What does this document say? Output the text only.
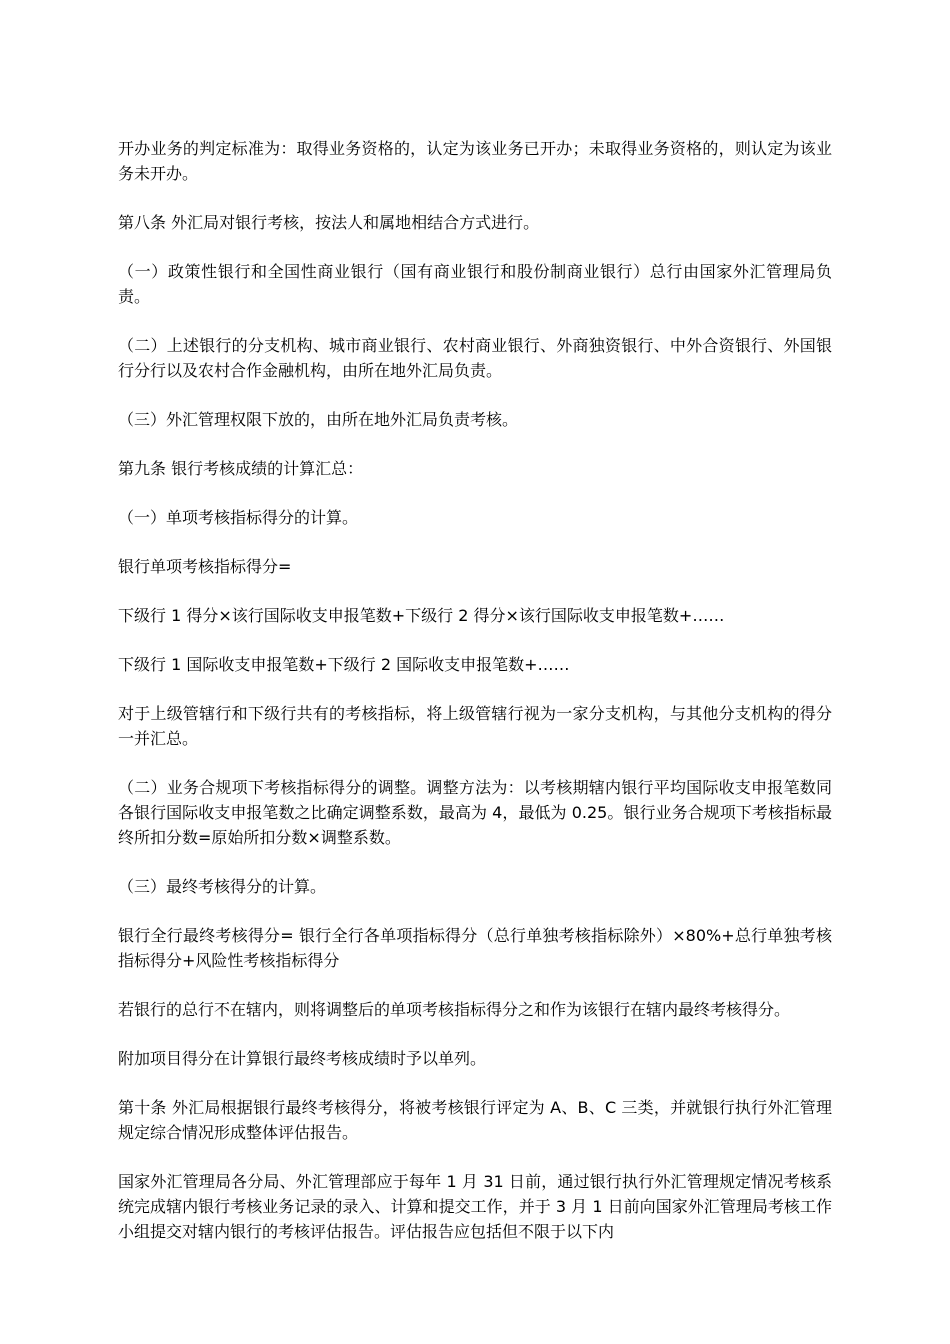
开办业务的判定标准为：取得业务资格的，认定为该业务已开办；未取得业务资格的，则认定为该业务未开办。

第八条 外汇局对银行考核，按法人和属地相结合方式进行。

（一）政策性银行和全国性商业银行（国有商业银行和股份制商业银行）总行由国家外汇管理局负责。

（二）上述银行的分支机构、城市商业银行、农村商业银行、外商独资银行、中外合资银行、外国银行分行以及农村合作金融机构，由所在地外汇局负责。

（三）外汇管理权限下放的，由所在地外汇局负责考核。

第九条 银行考核成绩的计算汇总：

（一）单项考核指标得分的计算。

银行单项考核指标得分=

下级行 1 得分×该行国际收支申报笔数+下级行 2 得分×该行国际收支申报笔数+……

下级行 1 国际收支申报笔数+下级行 2 国际收支申报笔数+……

对于上级管辖行和下级行共有的考核指标，将上级管辖行视为一家分支机构，与其他分支机构的得分一并汇总。

（二）业务合规项下考核指标得分的调整。调整方法为：以考核期辖内银行平均国际收支申报笔数同各银行国际收支申报笔数之比确定调整系数，最高为 4，最低为 0.25。银行业务合规项下考核指标最终所扣分数=原始所扣分数×调整系数。

（三）最终考核得分的计算。

银行全行最终考核得分= 银行全行各单项指标得分（总行单独考核指标除外）×80%+总行单独考核指标得分+风险性考核指标得分

若银行的总行不在辖内，则将调整后的单项考核指标得分之和作为该银行在辖内最终考核得分。

附加项目得分在计算银行最终考核成绩时予以单列。

第十条 外汇局根据银行最终考核得分，将被考核银行评定为 A、B、C 三类，并就银行执行外汇管理规定综合情况形成整体评估报告。

国家外汇管理局各分局、外汇管理部应于每年 1 月 31 日前，通过银行执行外汇管理规定情况考核系统完成辖内银行考核业务记录的录入、计算和提交工作，并于 3 月 1 日前向国家外汇管理局考核工作小组提交对辖内银行的考核评估报告。评估报告应包括但不限于以下内
